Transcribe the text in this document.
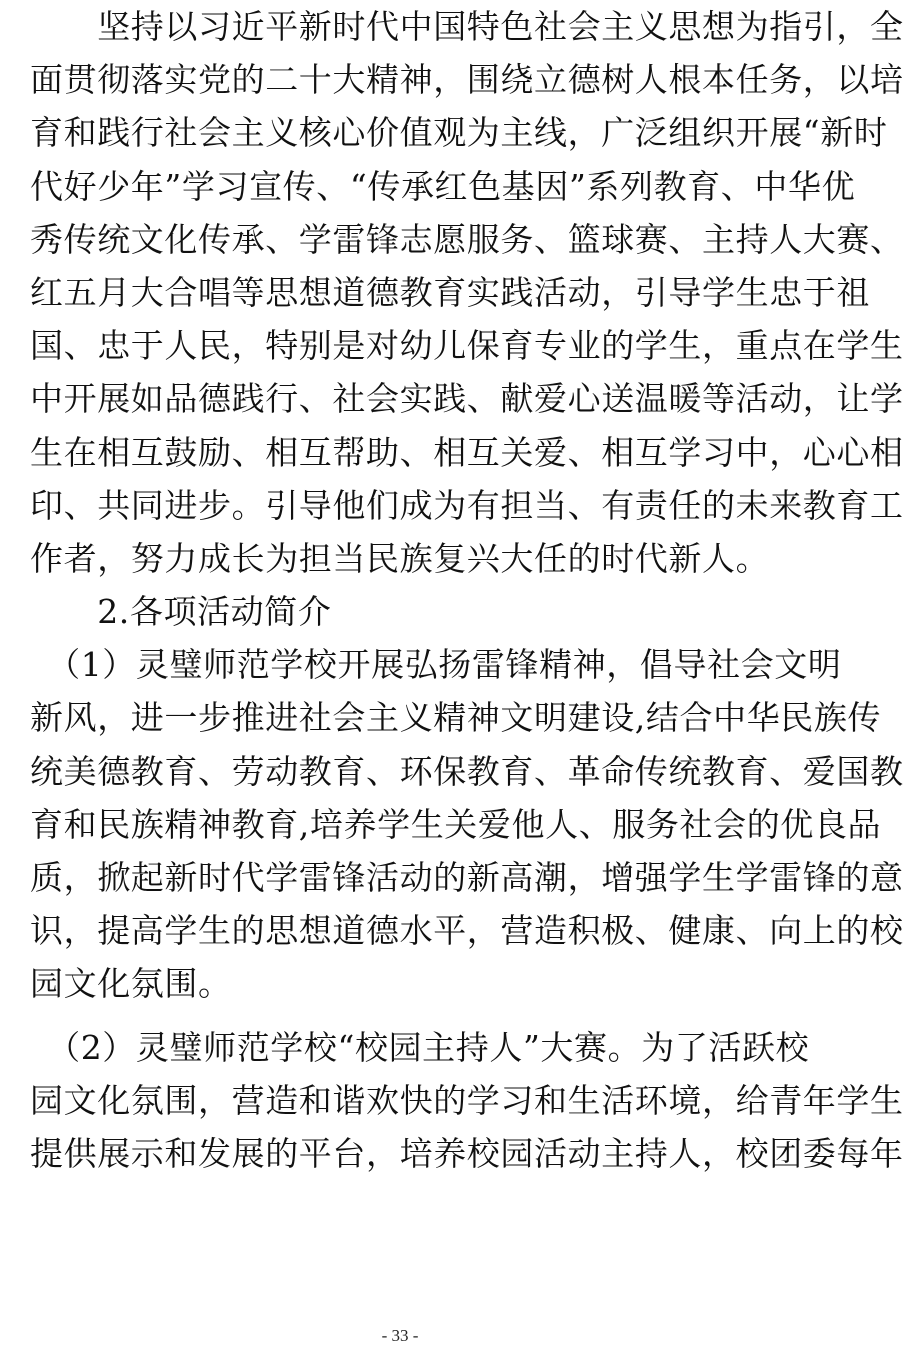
　　坚持以习近平新时代中国特色社会主义思想为指引，全
面贯彻落实党的二十大精神，围绕立德树人根本任务，以培
育和践行社会主义核心价值观为主线，广泛组织开展“新时
代好少年”学习宣传、“传承红色基因”系列教育、中华优
秀传统文化传承、学雷锋志愿服务、篮球赛、主持人大赛、
红五月大合唱等思想道德教育实践活动，引导学生忠于祖
国、忠于人民，特别是对幼儿保育专业的学生，重点在学生
中开展如品德践行、社会实践、献爱心送温暖等活动，让学
生在相互鼓励、相互帮助、相互关爱、相互学习中，心心相
印、共同进步。引导他们成为有担当、有责任的未来教育工
作者，努力成长为担当民族复兴大任的时代新人。
　　2.各项活动简介
　（1）灵璧师范学校开展弘扬雷锋精神，倡导社会文明
新风，进一步推进社会主义精神文明建设,结合中华民族传
统美德教育、劳动教育、环保教育、革命传统教育、爱国教
育和民族精神教育,培养学生关爱他人、服务社会的优良品
质，掀起新时代学雷锋活动的新高潮，增强学生学雷锋的意
识，提高学生的思想道德水平，营造积极、健康、向上的校
园文化氛围。
　（2）灵璧师范学校“校园主持人”大赛。为了活跃校
园文化氛围，营造和谐欢快的学习和生活环境，给青年学生
提供展示和发展的平台，培养校园活动主持人，校团委每年
- 33 -
